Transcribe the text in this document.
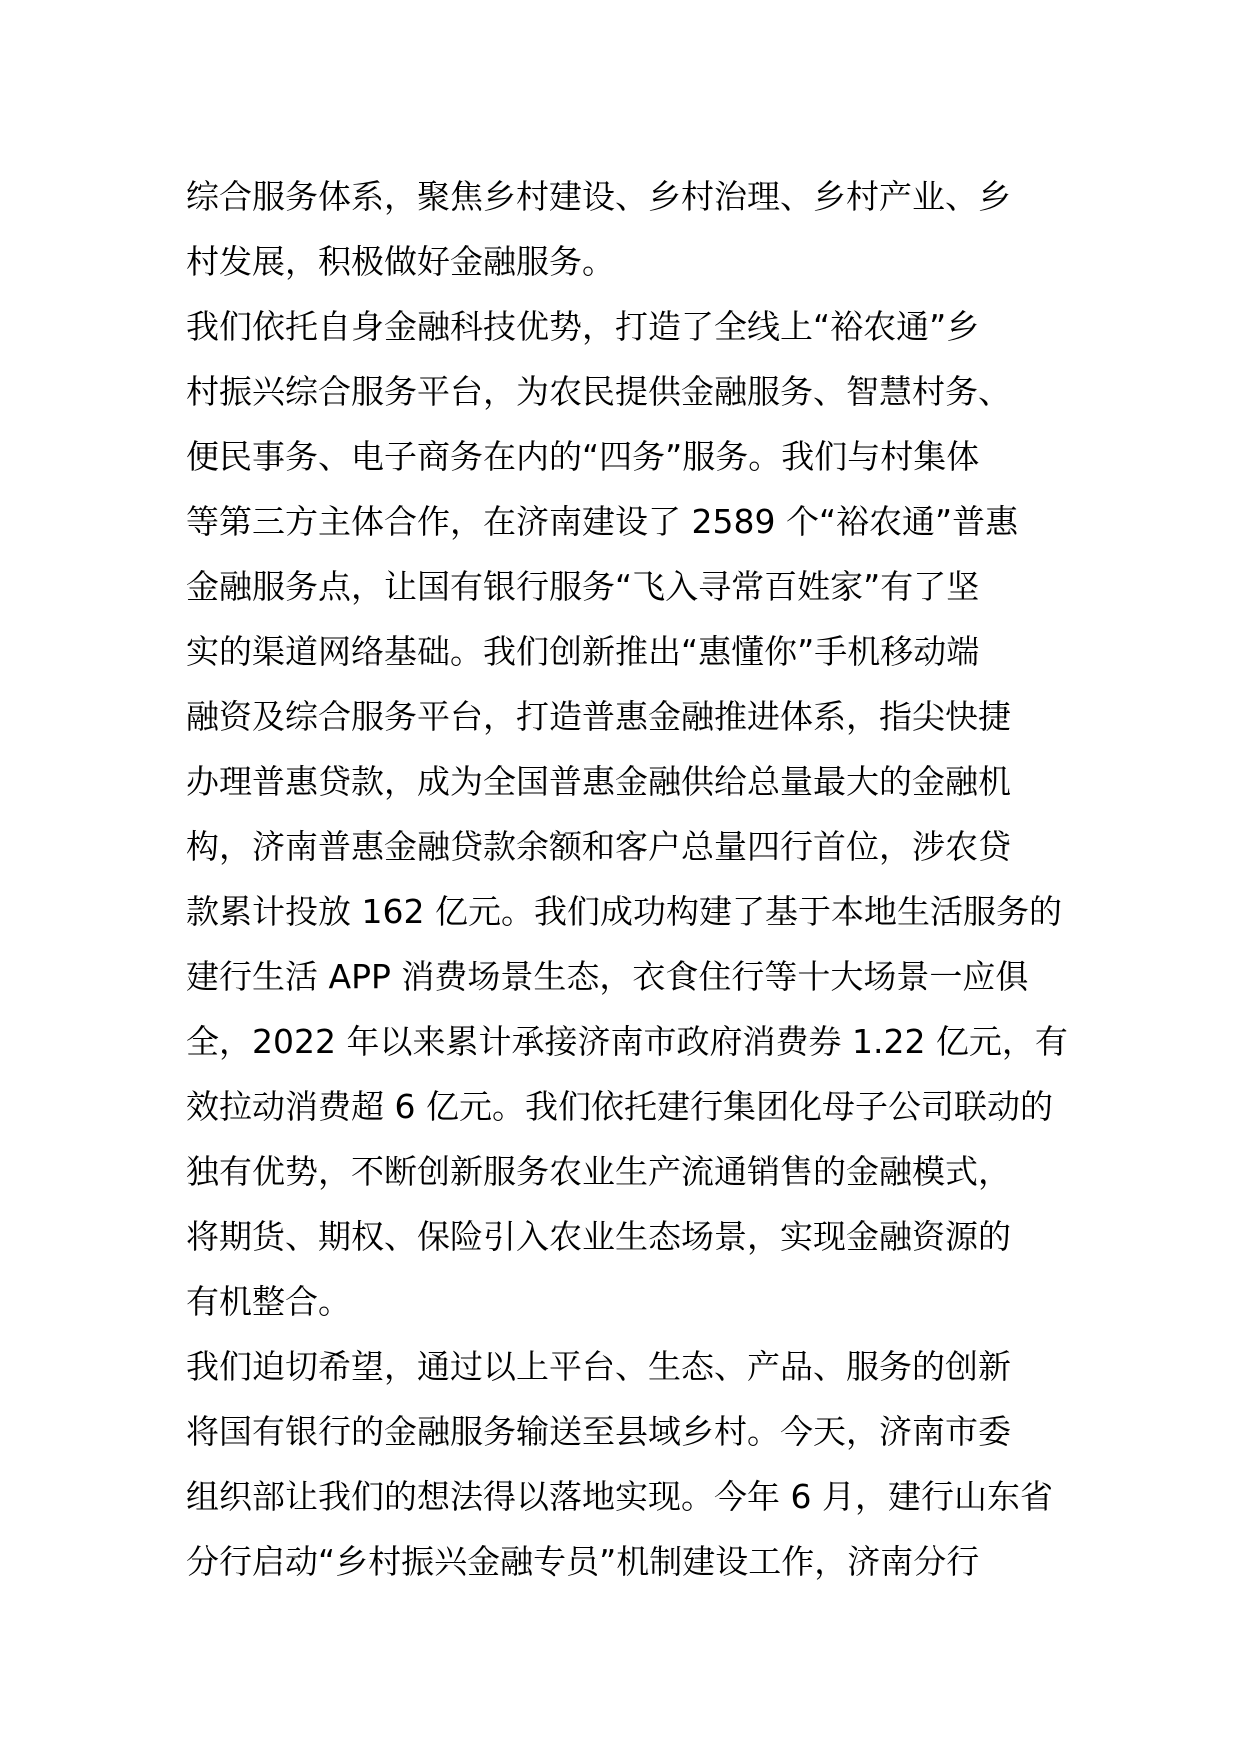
综合服务体系，聚焦乡村建设、乡村治理、乡村产业、乡
村发展，积极做好金融服务。
我们依托自身金融科技优势，打造了全线上“裕农通”乡
村振兴综合服务平台，为农民提供金融服务、智慧村务、
便民事务、电子商务在内的“四务”服务。我们与村集体
等第三方主体合作，在济南建设了 2589 个“裕农通”普惠
金融服务点，让国有银行服务“飞入寻常百姓家”有了坚
实的渠道网络基础。我们创新推出“惠懂你”手机移动端
融资及综合服务平台，打造普惠金融推进体系，指尖快捷
办理普惠贷款，成为全国普惠金融供给总量最大的金融机
构，济南普惠金融贷款余额和客户总量四行首位，涉农贷
款累计投放 162 亿元。我们成功构建了基于本地生活服务的
建行生活 APP 消费场景生态，衣食住行等十大场景一应俱
全，2022 年以来累计承接济南市政府消费券 1.22 亿元，有
效拉动消费超 6 亿元。我们依托建行集团化母子公司联动的
独有优势，不断创新服务农业生产流通销售的金融模式，
将期货、期权、保险引入农业生态场景，实现金融资源的
有机整合。
我们迫切希望，通过以上平台、生态、产品、服务的创新
将国有银行的金融服务输送至县域乡村。今天，济南市委
组织部让我们的想法得以落地实现。今年 6 月，建行山东省
分行启动“乡村振兴金融专员”机制建设工作，济南分行
